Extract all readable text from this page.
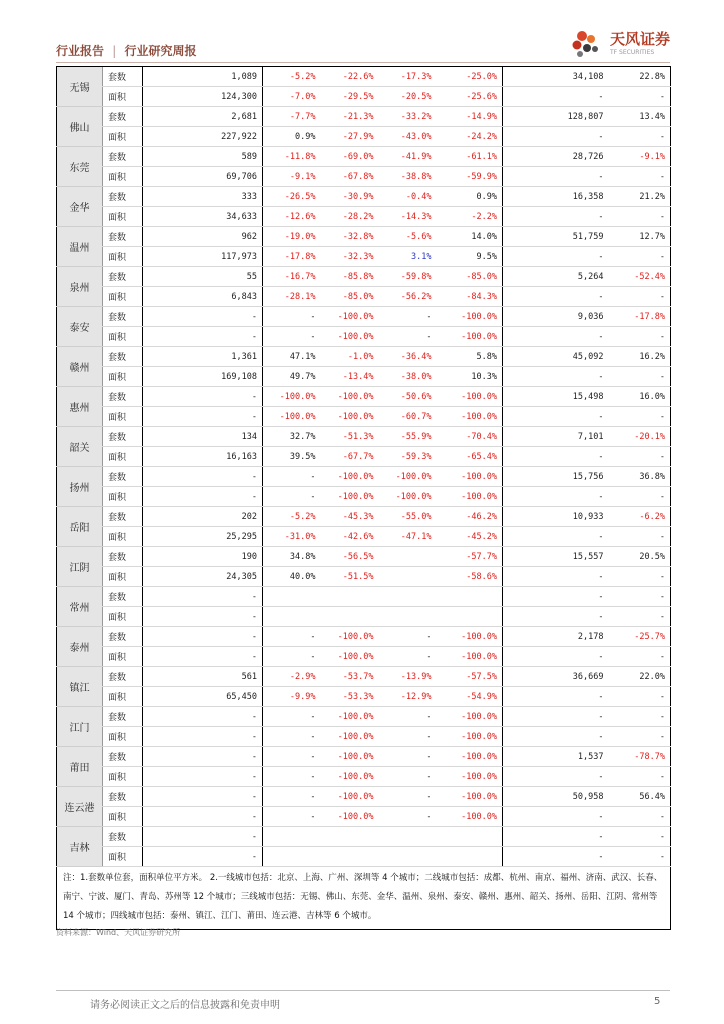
行业报告 | 行业研究周报
天风证券
TF SECURITIES
无锡	套数	1,089	-5.2%	-22.6%	-17.3%	-25.0%	34,108	22.8%
	面积	124,300	-7.0%	-29.5%	-20.5%	-25.6%	-	-
佛山	套数	2,681	-7.7%	-21.3%	-33.2%	-14.9%	128,807	13.4%
	面积	227,922	0.9%	-27.9%	-43.0%	-24.2%	-	-
东莞	套数	589	-11.8%	-69.0%	-41.9%	-61.1%	28,726	-9.1%
	面积	69,706	-9.1%	-67.8%	-38.8%	-59.9%	-	-
金华	套数	333	-26.5%	-30.9%	-0.4%	0.9%	16,358	21.2%
	面积	34,633	-12.6%	-28.2%	-14.3%	-2.2%	-	-
温州	套数	962	-19.0%	-32.8%	-5.6%	14.0%	51,759	12.7%
	面积	117,973	-17.8%	-32.3%	3.1%	9.5%	-	-
泉州	套数	55	-16.7%	-85.8%	-59.8%	-85.0%	5,264	-52.4%
	面积	6,843	-28.1%	-85.0%	-56.2%	-84.3%	-	-
泰安	套数	-	-	-100.0%	-	-100.0%	9,036	-17.8%
	面积	-	-	-100.0%	-	-100.0%	-	-
赣州	套数	1,361	47.1%	-1.0%	-36.4%	5.8%	45,092	16.2%
	面积	169,108	49.7%	-13.4%	-38.0%	10.3%	-	-
惠州	套数	-	-100.0%	-100.0%	-50.6%	-100.0%	15,498	16.0%
	面积	-	-100.0%	-100.0%	-60.7%	-100.0%	-	-
韶关	套数	134	32.7%	-51.3%	-55.9%	-70.4%	7,101	-20.1%
	面积	16,163	39.5%	-67.7%	-59.3%	-65.4%	-	-
扬州	套数	-	-	-100.0%	-100.0%	-100.0%	15,756	36.8%
	面积	-	-	-100.0%	-100.0%	-100.0%	-	-
岳阳	套数	202	-5.2%	-45.3%	-55.0%	-46.2%	10,933	-6.2%
	面积	25,295	-31.0%	-42.6%	-47.1%	-45.2%	-	-
江阴	套数	190	34.8%	-56.5%		-57.7%	15,557	20.5%
	面积	24,305	40.0%	-51.5%		-58.6%	-	-
常州	套数	-					-	-
	面积	-					-	-
泰州	套数	-	-	-100.0%	-	-100.0%	2,178	-25.7%
	面积	-	-	-100.0%	-	-100.0%	-	-
镇江	套数	561	-2.9%	-53.7%	-13.9%	-57.5%	36,669	22.0%
	面积	65,450	-9.9%	-53.3%	-12.9%	-54.9%	-	-
江门	套数	-	-	-100.0%	-	-100.0%	-	-
	面积	-	-	-100.0%	-	-100.0%	-	-
莆田	套数	-	-	-100.0%	-	-100.0%	1,537	-78.7%
	面积	-	-	-100.0%	-	-100.0%	-	-
连云港	套数	-	-	-100.0%	-	-100.0%	50,958	56.4%
	面积	-	-	-100.0%	-	-100.0%	-	-
吉林	套数	-					-	-
	面积	-					-	-
注：1.套数单位套，面积单位平方米。 2.一线城市包括：北京、上海、广州、深圳等 4 个城市；二线城市包括：成都、杭州、南京、福州、济南、武汉、长春、南宁、宁波、厦门、青岛、苏州等 12 个城市；三线城市包括：无锡、佛山、东莞、金华、温州、泉州、泰安、赣州、惠州、韶关、扬州、岳阳、江阴、常州等 14 个城市；四线城市包括：泰州、镇江、江门、莆田、连云港、吉林等 6 个城市。								
资料来源：Wind、天风证券研究所
请务必阅读正文之后的信息披露和免责申明	5
